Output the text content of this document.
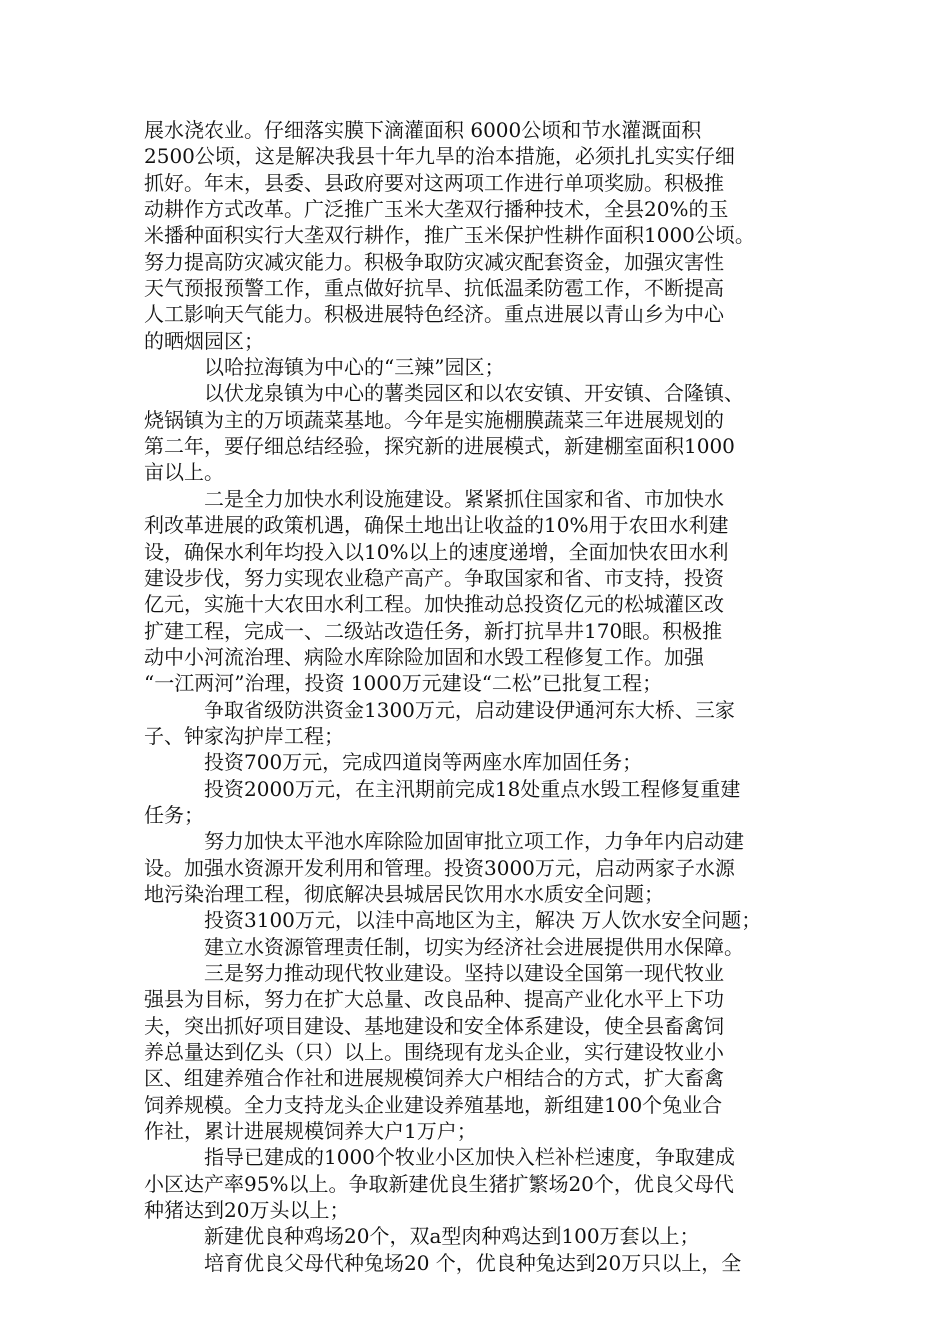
展水浇农业。仔细落实膜下滴灌面积 6000公顷和节水灌溉面积

2500公顷，这是解决我县十年九旱的治本措施，必须扎扎实实仔细

抓好。年末，县委、县政府要对这两项工作进行单项奖励。积极推

动耕作方式改革。广泛推广玉米大垄双行播种技术，全县20%的玉

米播种面积实行大垄双行耕作，推广玉米保护性耕作面积1000公顷。

努力提高防灾减灾能力。积极争取防灾减灾配套资金，加强灾害性

天气预报预警工作，重点做好抗旱、抗低温柔防雹工作，不断提高

人工影响天气能力。积极进展特色经济。重点进展以青山乡为中心

的晒烟园区；

以哈拉海镇为中心的“三辣”园区；

以伏龙泉镇为中心的薯类园区和以农安镇、开安镇、合隆镇、

烧锅镇为主的万顷蔬菜基地。今年是实施棚膜蔬菜三年进展规划的

第二年，要仔细总结经验，探究新的进展模式，新建棚室面积1000

亩以上。

二是全力加快水利设施建设。紧紧抓住国家和省、市加快水

利改革进展的政策机遇，确保土地出让收益的10%用于农田水利建

设，确保水利年均投入以10%以上的速度递增，全面加快农田水利

建设步伐，努力实现农业稳产高产。争取国家和省、市支持，投资

亿元，实施十大农田水利工程。加快推动总投资亿元的松城灌区改

扩建工程，完成一、二级站改造任务，新打抗旱井170眼。积极推

动中小河流治理、病险水库除险加固和水毁工程修复工作。加强

“一江两河”治理，投资 1000万元建设“二松”已批复工程；

争取省级防洪资金1300万元，启动建设伊通河东大桥、三家

子、钟家沟护岸工程；

投资700万元，完成四道岗等两座水库加固任务；

投资2000万元，在主汛期前完成18处重点水毁工程修复重建

任务；

努力加快太平池水库除险加固审批立项工作，力争年内启动建

设。加强水资源开发利用和管理。投资3000万元，启动两家子水源

地污染治理工程，彻底解决县城居民饮用水水质安全问题；

投资3100万元，以洼中高地区为主，解决 万人饮水安全问题；

建立水资源管理责任制，切实为经济社会进展提供用水保障。

三是努力推动现代牧业建设。坚持以建设全国第一现代牧业

强县为目标，努力在扩大总量、改良品种、提高产业化水平上下功

夫，突出抓好项目建设、基地建设和安全体系建设，使全县畜禽饲

养总量达到亿头（只）以上。围绕现有龙头企业，实行建设牧业小

区、组建养殖合作社和进展规模饲养大户相结合的方式，扩大畜禽

饲养规模。全力支持龙头企业建设养殖基地，新组建100个兔业合

作社，累计进展规模饲养大户1万户；

指导已建成的1000个牧业小区加快入栏补栏速度，争取建成

小区达产率95%以上。争取新建优良生猪扩繁场20个，优良父母代

种猪达到20万头以上；

新建优良种鸡场20个，双a型肉种鸡达到100万套以上；

培育优良父母代种兔场20 个，优良种兔达到20万只以上，全
